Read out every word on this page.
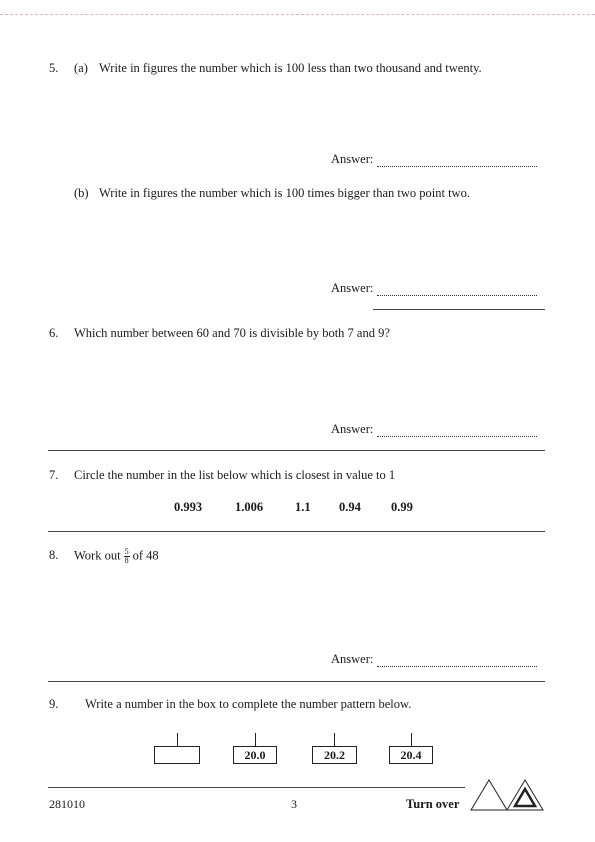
5. (a) Write in figures the number which is 100 less than two thousand and twenty.
Answer:
(b) Write in figures the number which is 100 times bigger than two point two.
Answer:
6. Which number between 60 and 70 is divisible by both 7 and 9?
Answer:
7. Circle the number in the list below which is closest in value to 1
0.993	1.006	1.1 0.94 0.99
8. Work out $\frac{5}{8}$ of 48
Answer:
9. Write a number in the box to complete the number pattern below.
20.0	20.2	20.4
281010	3	Turn over
